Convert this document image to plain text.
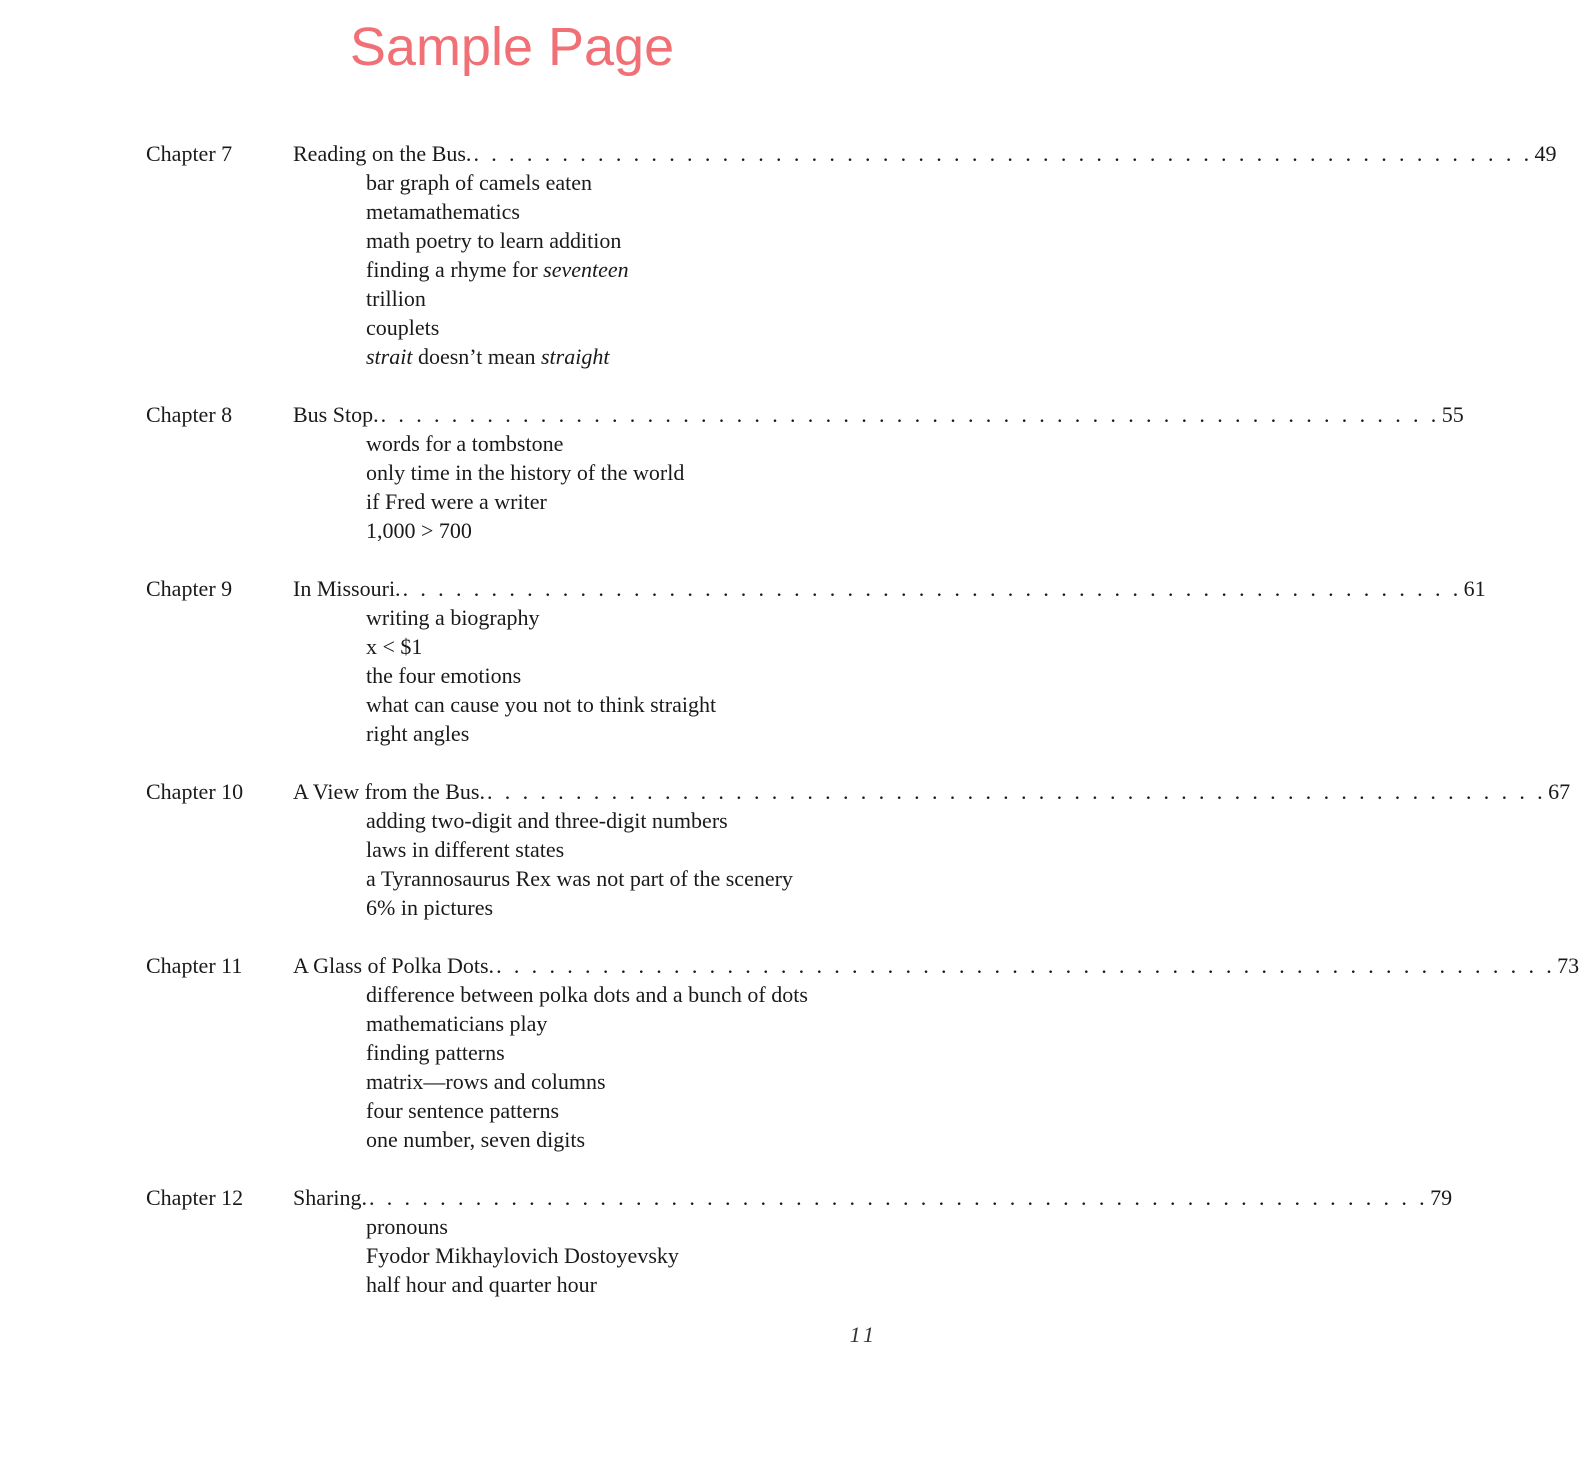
Sample Page
Chapter 7	Reading on the Bus. . . . . . . . . . . . . . . . . . . . . . . . . . . . . . . . . . . . . . . . . . . . . . . . . . . . . . . . . . . . . 49
bar graph of camels eaten
metamathematics
math poetry to learn addition
finding a rhyme for seventeen
trillion
couplets
strait doesn’t mean straight
Chapter 8	Bus Stop. . . . . . . . . . . . . . . . . . . . . . . . . . . . . . . . . . . . . . . . . . . . . . . . . . . . . . . . . . . . . 55
words for a tombstone
only time in the history of the world
if Fred were a writer
1,000 > 700
Chapter 9	In Missouri. . . . . . . . . . . . . . . . . . . . . . . . . . . . . . . . . . . . . . . . . . . . . . . . . . . . . . . . . . . . . 61
writing a biography
x < $1
the four emotions
what can cause you not to think straight
right angles
Chapter 10	A View from the Bus. . . . . . . . . . . . . . . . . . . . . . . . . . . . . . . . . . . . . . . . . . . . . . . . . . . . . . . . . . . . . 67
adding two-digit and three-digit numbers
laws in different states
a Tyrannosaurus Rex was not part of the scenery
6% in pictures
Chapter 11	A Glass of Polka Dots. . . . . . . . . . . . . . . . . . . . . . . . . . . . . . . . . . . . . . . . . . . . . . . . . . . . . . . . . . . . . 73
difference between polka dots and a bunch of dots
mathematicians play
finding patterns
matrix—rows and columns
four sentence patterns
one number, seven digits
Chapter 12	Sharing. . . . . . . . . . . . . . . . . . . . . . . . . . . . . . . . . . . . . . . . . . . . . . . . . . . . . . . . . . . . . 79
pronouns
Fyodor Mikhaylovich Dostoyevsky
half hour and quarter hour
11
